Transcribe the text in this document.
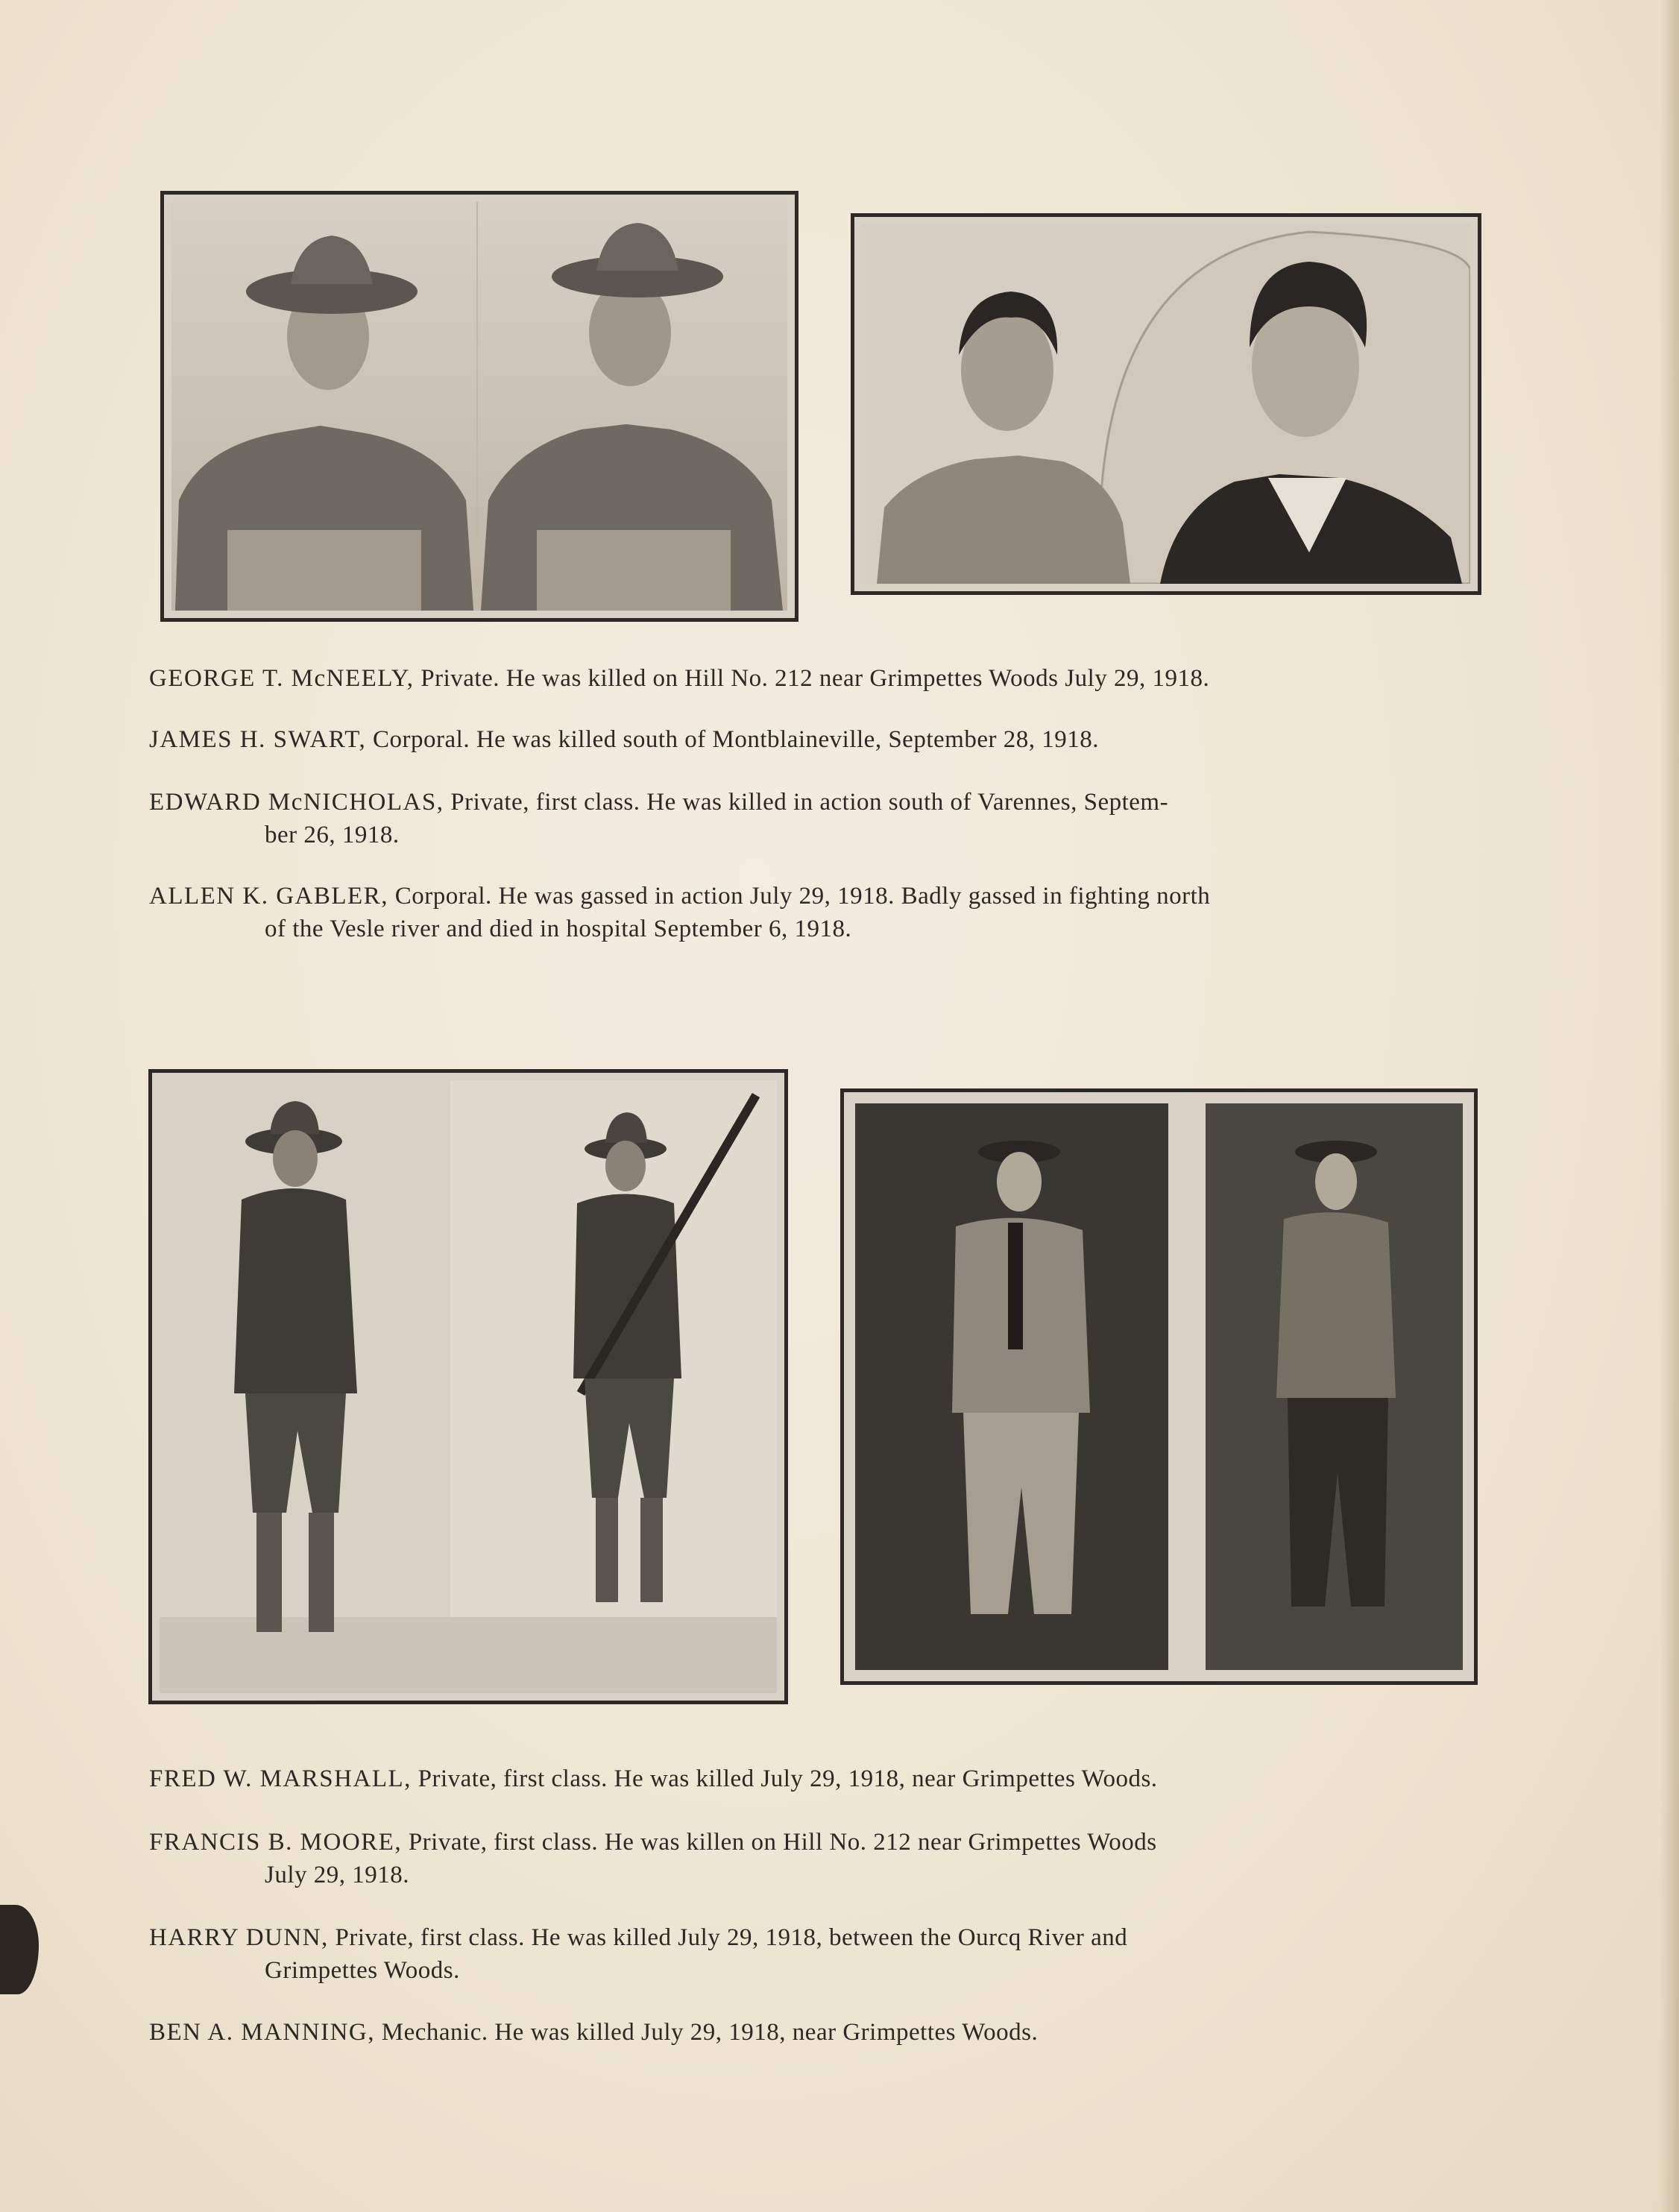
GEORGE T. McNEELY, Private. He was killed on Hill No. 212 near Grimpettes Woods July 29, 1918.
JAMES H. SWART, Corporal. He was killed south of Montblaineville, September 28, 1918.
EDWARD McNICHOLAS, Private, first class. He was killed in action south of Varennes, Septem-
ber 26, 1918.
ALLEN K. GABLER, Corporal. He was gassed in action July 29, 1918. Badly gassed in fighting north
of the Vesle river and died in hospital September 6, 1918.
FRED W. MARSHALL, Private, first class. He was killed July 29, 1918, near Grimpettes Woods.
FRANCIS B. MOORE, Private, first class. He was killen on Hill No. 212 near Grimpettes Woods
July 29, 1918.
HARRY DUNN, Private, first class. He was killed July 29, 1918, between the Ourcq River and
Grimpettes Woods.
BEN A. MANNING, Mechanic. He was killed July 29, 1918, near Grimpettes Woods.
